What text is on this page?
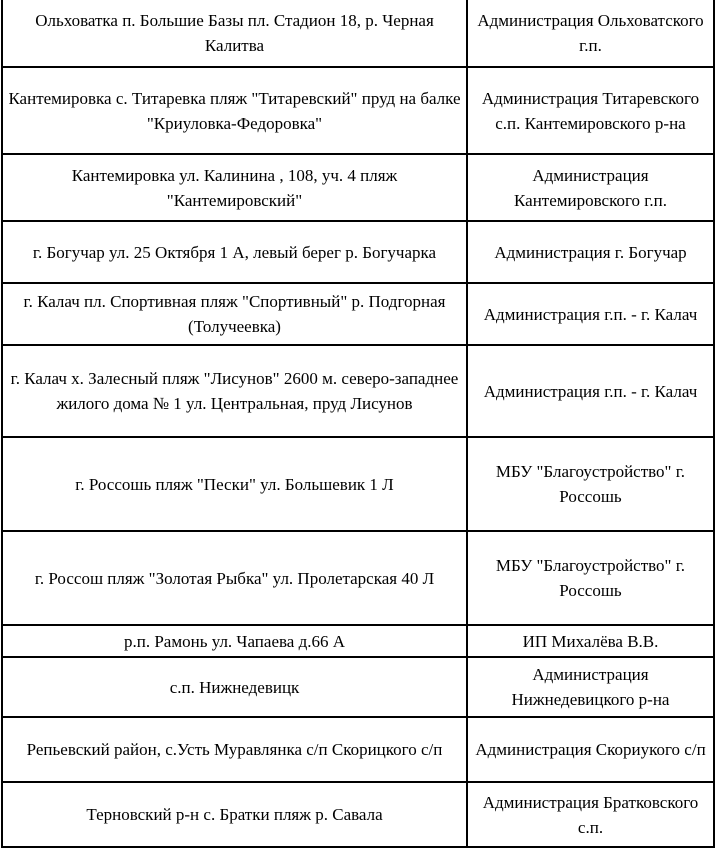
Ольховатка п. Большие Базы пл. Стадион 18, р. Черная Калитва	Администрация Ольховатского г.п.
Кантемировка с. Титаревка пляж "Титаревский" пруд на балке "Криуловка-Федоровка"	Администрация Титаревского с.п. Кантемировского р-на
Кантемировка ул. Калинина , 108, уч. 4 пляж "Кантемировский"	Администрация Кантемировского г.п.
г. Богучар ул. 25 Октября 1 А, левый берег р. Богучарка	Администрация г. Богучар
г. Калач пл. Спортивная пляж "Спортивный" р. Подгорная (Толучеевка)	Администрация г.п. - г. Калач
г. Калач х. Залесный пляж "Лисунов" 2600 м. северо-западнее жилого дома № 1 ул. Центральная, пруд Лисунов	Администрация г.п. - г. Калач
г. Россошь пляж "Пески" ул. Большевик 1 Л	МБУ "Благоустройство" г. Россошь
г. Россош пляж "Золотая Рыбка" ул. Пролетарская 40 Л	МБУ "Благоустройство" г. Россошь
р.п. Рамонь ул. Чапаева д.66 А	ИП Михалёва В.В.
с.п. Нижнедевицк	Администрация Нижнедевицкого р-на
Репьевский район, с.Усть Муравлянка с/п Скорицкого с/п	Администрация Скориукого с/п
Терновский р-н с. Братки пляж р. Савала	Администрация Братковского с.п.
